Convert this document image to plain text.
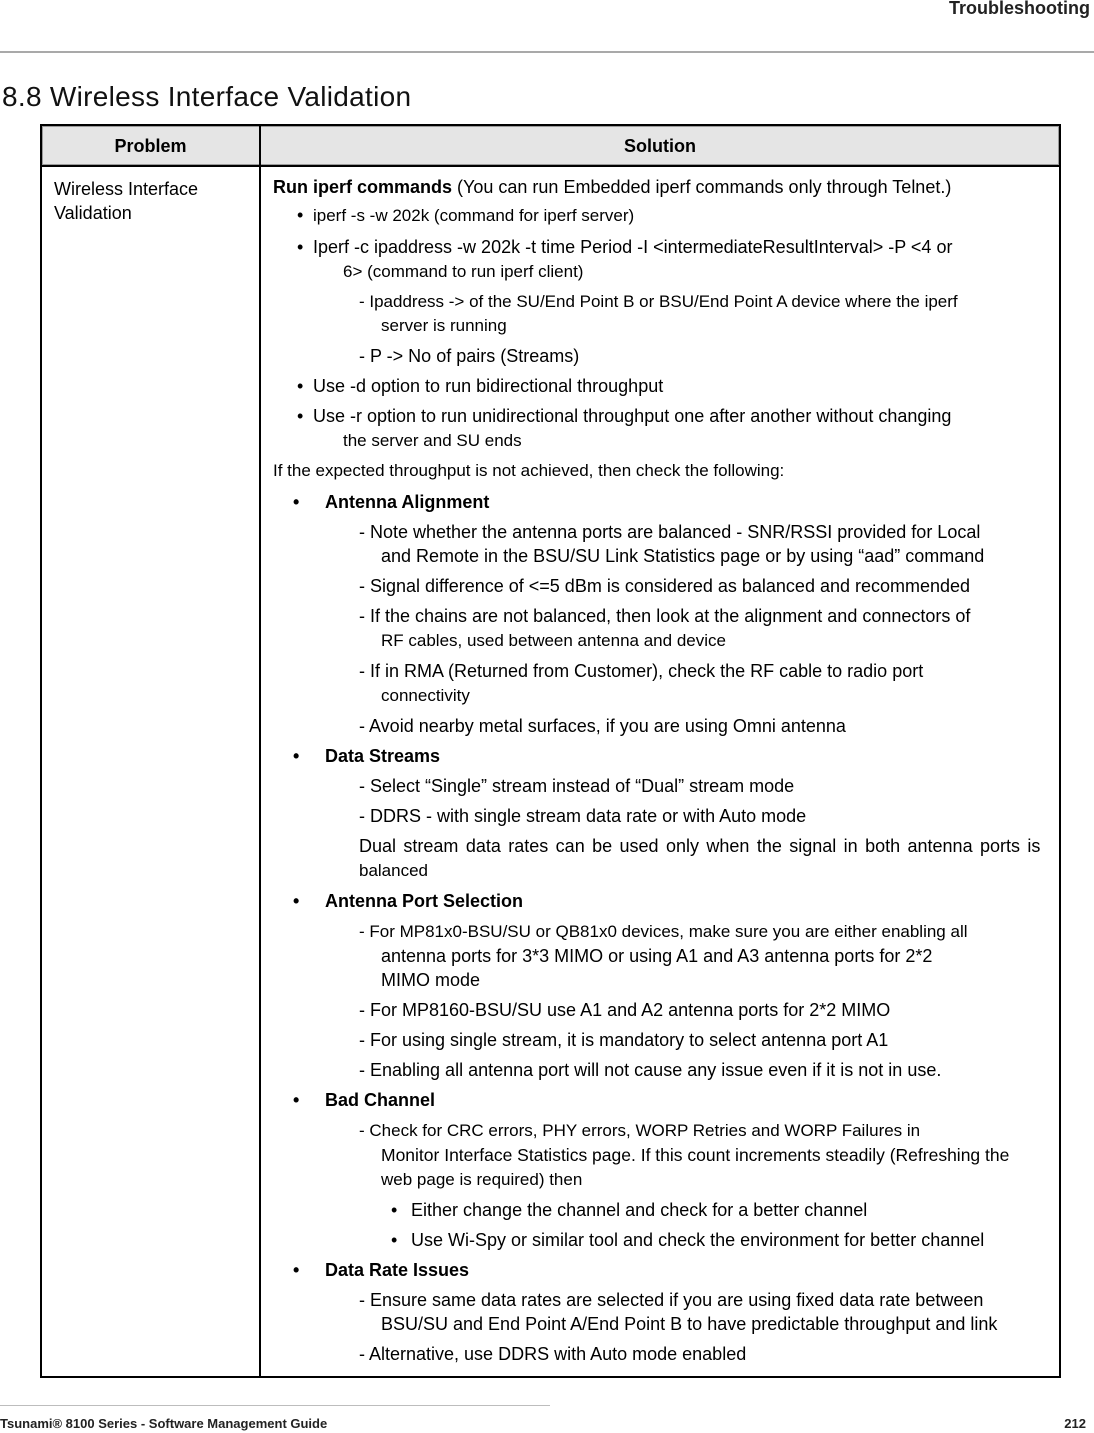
Troubleshooting
8.8 Wireless Interface Validation
Problem	Solution
Wireless Interface
Validation

Run iperf commands (You can run Embedded iperf commands only through Telnet.)

• iperf -s -w 202k (command for iperf server)

• Iperf -c ipaddress -w 202k -t time Period -I <intermediateResultInterval> -P <4 or
6> (command to run iperf client)

- Ipaddress -> of the SU/End Point B or BSU/End Point A device where the iperf
server is running

- P -> No of pairs (Streams)

• Use -d option to run bidirectional throughput

• Use -r option to run unidirectional throughput one after another without changing
the server and SU ends

If the expected throughput is not achieved, then check the following:

• Antenna Alignment

- Note whether the antenna ports are balanced - SNR/RSSI provided for Local
and Remote in the BSU/SU Link Statistics page or by using “aad” command

- Signal difference of <=5 dBm is considered as balanced and recommended

- If the chains are not balanced, then look at the alignment and connectors of
RF cables, used between antenna and device

- If in RMA (Returned from Customer), check the RF cable to radio port
connectivity

- Avoid nearby metal surfaces, if you are using Omni antenna

• Data Streams

- Select “Single” stream instead of “Dual” stream mode

- DDRS - with single stream data rate or with Auto mode

Dual stream data rates can be used only when the signal in both antenna ports is
balanced

• Antenna Port Selection

- For MP81x0-BSU/SU or QB81x0 devices, make sure you are either enabling all
antenna ports for 3*3 MIMO or using A1 and A3 antenna ports for 2*2
MIMO mode

- For MP8160-BSU/SU use A1 and A2 antenna ports for 2*2 MIMO

- For using single stream, it is mandatory to select antenna port A1

- Enabling all antenna port will not cause any issue even if it is not in use.

• Bad Channel

- Check for CRC errors, PHY errors, WORP Retries and WORP Failures in
Monitor Interface Statistics page. If this count increments steadily (Refreshing the
web page is required) then

• Either change the channel and check for a better channel

• Use Wi-Spy or similar tool and check the environment for better channel

• Data Rate Issues

- Ensure same data rates are selected if you are using fixed data rate between
BSU/SU and End Point A/End Point B to have predictable throughput and link

- Alternative, use DDRS with Auto mode enabled

Tsunami® 8100 Series - Software Management Guide	212
